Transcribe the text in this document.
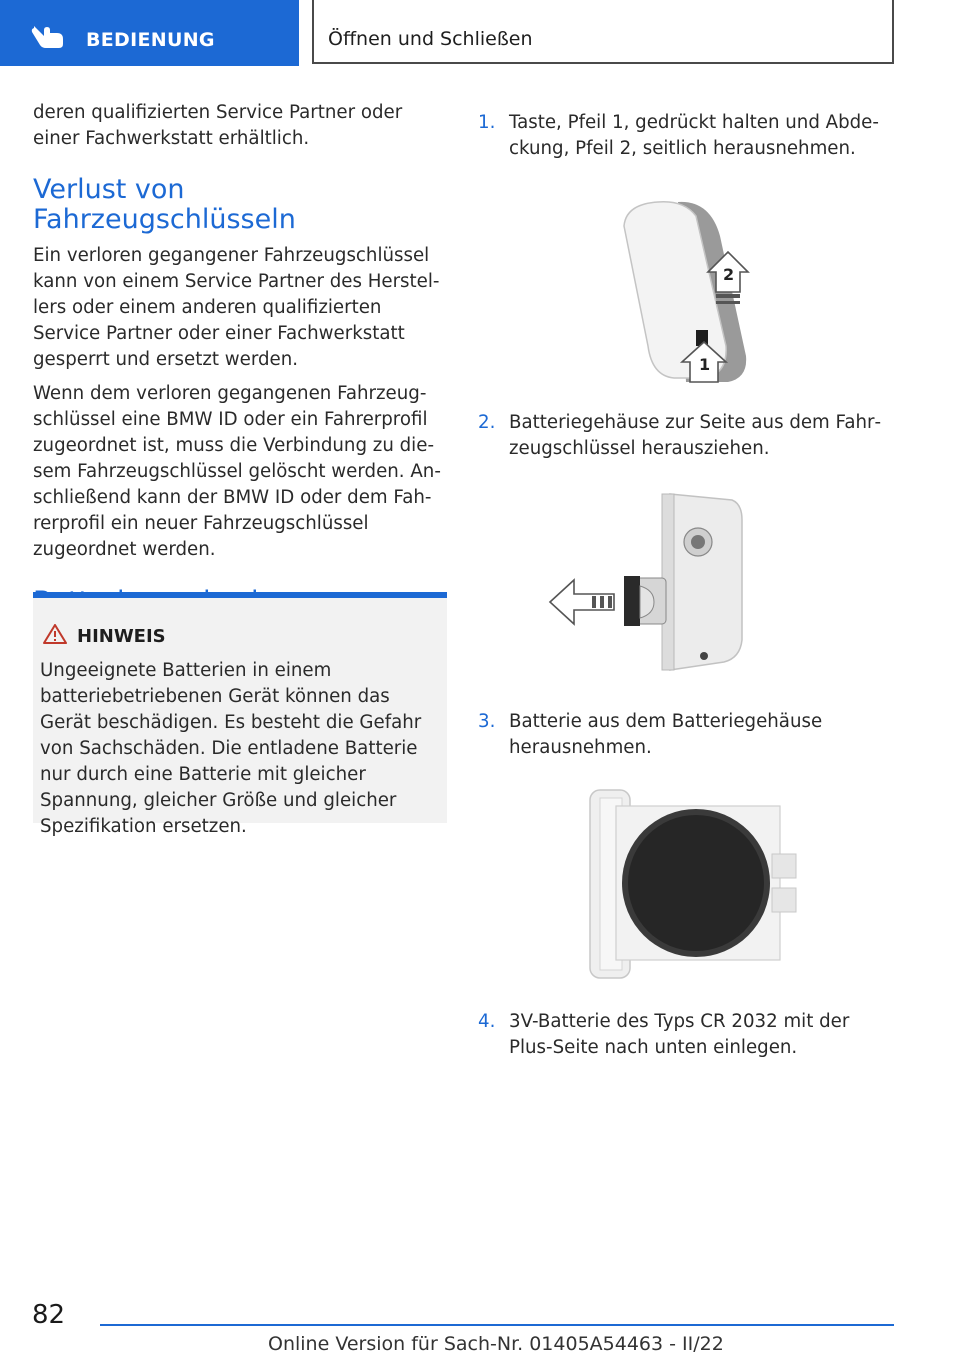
BEDIENUNG	Öffnen und Schließen

deren qualifizierten Service Partner oder einer Fachwerkstatt erhältlich.

Verlust von Fahrzeugschlüsseln

Ein verloren gegangener Fahrzeugschlüssel kann von einem Service Partner des Herstellers oder einem anderen qualifizierten Service Partner oder einer Fachwerkstatt gesperrt und ersetzt werden.

Wenn dem verloren gegangenen Fahrzeugschlüssel eine BMW ID oder ein Fahrerprofil zugeordnet ist, muss die Verbindung zu diesem Fahrzeugschlüssel gelöscht werden. Anschließend kann der BMW ID oder dem Fahrerprofil ein neuer Fahrzeugschlüssel zugeordnet werden.

HINWEIS
Ungeeignete Batterien in einem batteriebetriebenen Gerät können das Gerät beschädigen. Es besteht die Gefahr von Sachschäden. Die entladene Batterie nur durch eine Batterie mit gleicher Spannung, gleicher Größe und gleicher Spezifikation ersetzen.
1. Taste, Pfeil 1, gedrückt halten und Abdeckung, Pfeil 2, seitlich herausnehmen.
2
1
2. Batteriegehäuse zur Seite aus dem Fahrzeugschlüssel herausziehen.
3. Batterie aus dem Batteriegehäuse herausnehmen.
4. 3V-Batterie des Typs CR 2032 mit der Plus-Seite nach unten einlegen.
82
Online Version für Sach-Nr. 01405A54463 - II/22
